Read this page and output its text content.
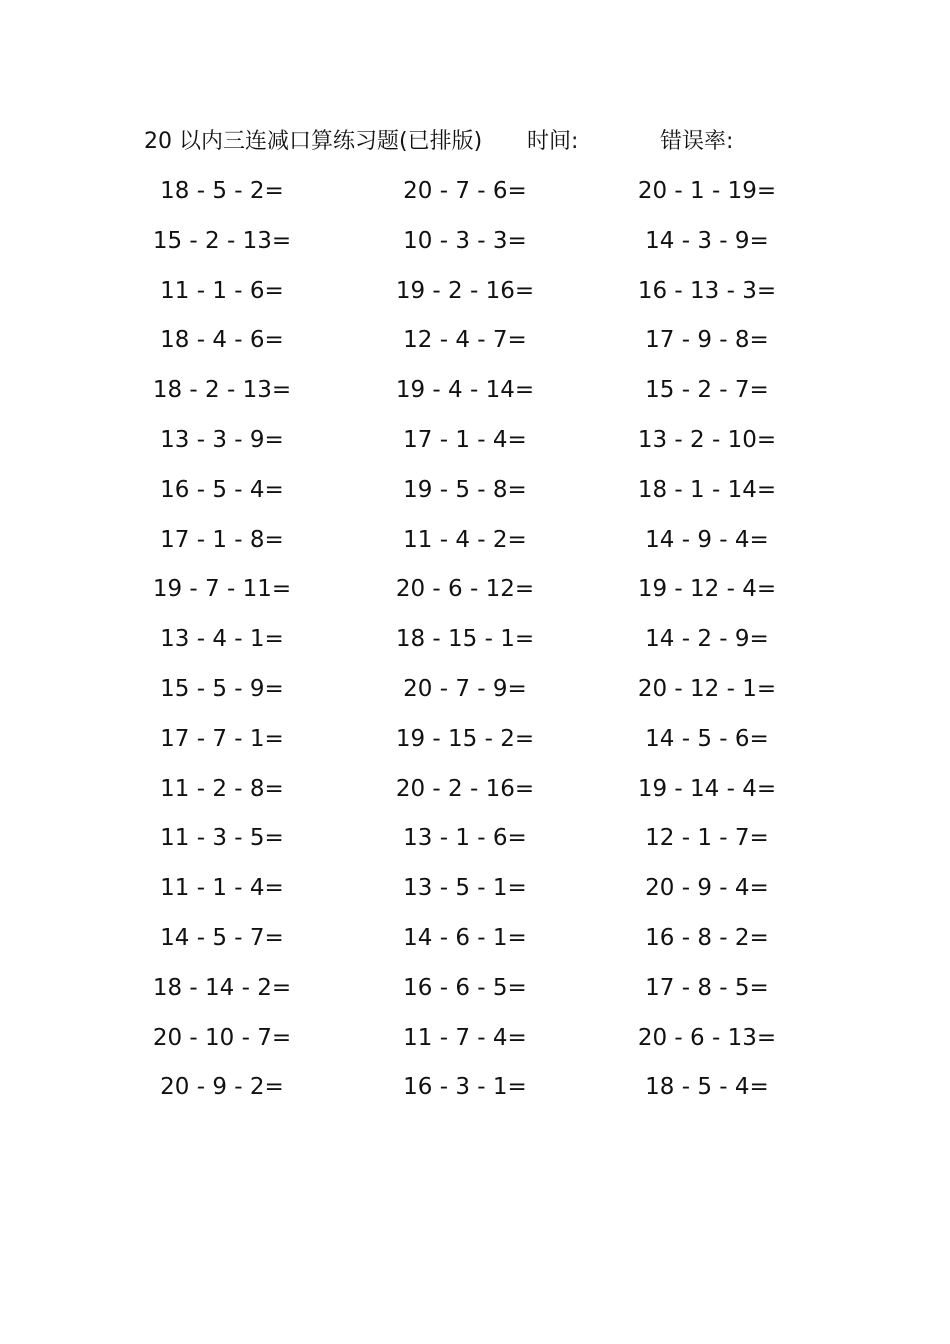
20 以内三连减口算练习题(已排版) 时间:	错误率:
18 - 5 - 2=	20 - 7 - 6=	20 - 1 - 19=
15 - 2 - 13=	10 - 3 - 3=	14 - 3 - 9=
11 - 1 - 6=	19 - 2 - 16=	16 - 13 - 3=
18 - 4 - 6=	12 - 4 - 7=	17 - 9 - 8=
18 - 2 - 13=	19 - 4 - 14=	15 - 2 - 7=
13 - 3 - 9=	17 - 1 - 4=	13 - 2 - 10=
16 - 5 - 4=	19 - 5 - 8=	18 - 1 - 14=
17 - 1 - 8=	11 - 4 - 2=	14 - 9 - 4=
19 - 7 - 11=	20 - 6 - 12=	19 - 12 - 4=
13 - 4 - 1=	18 - 15 - 1=	14 - 2 - 9=
15 - 5 - 9=	20 - 7 - 9=	20 - 12 - 1=
17 - 7 - 1=	19 - 15 - 2=	14 - 5 - 6=
11 - 2 - 8=	20 - 2 - 16=	19 - 14 - 4=
11 - 3 - 5=	13 - 1 - 6=	12 - 1 - 7=
11 - 1 - 4=	13 - 5 - 1=	20 - 9 - 4=
14 - 5 - 7=	14 - 6 - 1=	16 - 8 - 2=
18 - 14 - 2=	16 - 6 - 5=	17 - 8 - 5=
20 - 10 - 7=	11 - 7 - 4=	20 - 6 - 13=
20 - 9 - 2=	16 - 3 - 1=	18 - 5 - 4=
